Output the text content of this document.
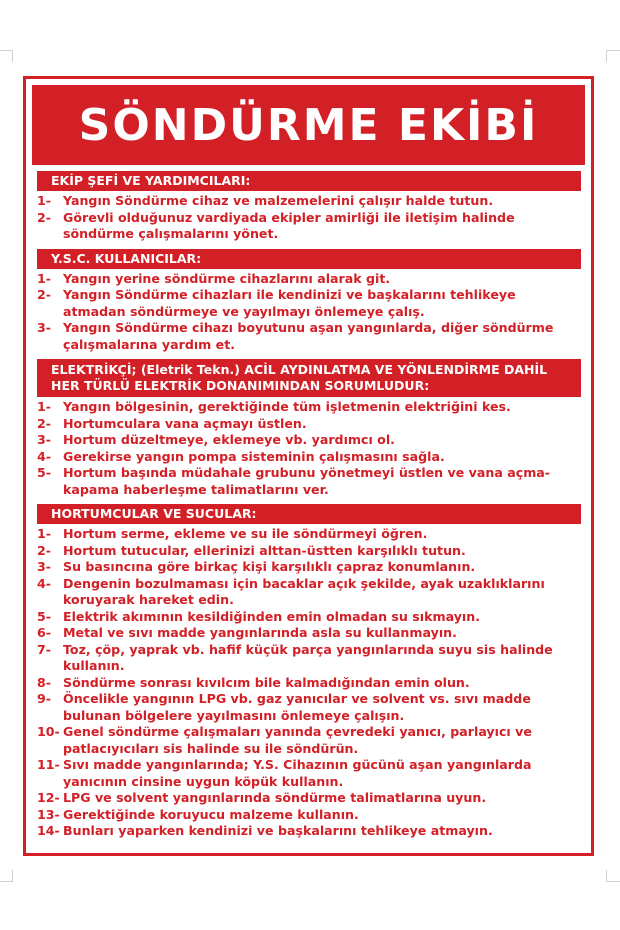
SÖNDÜRME EKİBİ
EKİP ŞEFİ VE YARDIMCILARI:
1- Yangın Söndürme cihaz ve malzemelerini çalışır halde tutun.
2- Görevli olduğunuz vardiyada ekipler amirliği ile iletişim halinde söndürme çalışmalarını yönet.
Y.S.C. KULLANICILAR:
1- Yangın yerine söndürme cihazlarını alarak git.
2- Yangın Söndürme cihazları ile kendinizi ve başkalarını tehlikeye atmadan söndürmeye ve yayılmayı önlemeye çalış.
3- Yangın Söndürme cihazı boyutunu aşan yangınlarda, diğer söndürme çalışmalarına yardım et.
ELEKTRİKÇİ; (Eletrik Tekn.) ACİL AYDINLATMA VE YÖNLENDİRME DAHİL HER TÜRLÜ ELEKTRİK DONANIMINDAN SORUMLUDUR:
1- Yangın bölgesinin, gerektiğinde tüm işletmenin elektriğini kes.
2- Hortumculara vana açmayı üstlen.
3- Hortum düzeltmeye, eklemeye vb. yardımcı ol.
4- Gerekirse yangın pompa sisteminin çalışmasını sağla.
5- Hortum başında müdahale grubunu yönetmeyi üstlen ve vana açma-kapama haberleşme talimatlarını ver.
HORTUMCULAR VE SUCULAR:
1- Hortum serme, ekleme ve su ile söndürmeyi öğren.
2- Hortum tutucular, ellerinizi alttan-üstten karşılıklı tutun.
3- Su basıncına göre birkaç kişi karşılıklı çapraz konumlanın.
4- Dengenin bozulmaması için bacaklar açık şekilde, ayak uzaklıklarını koruyarak hareket edin.
5- Elektrik akımının kesildiğinden emin olmadan su sıkmayın.
6- Metal ve sıvı madde yangınlarında asla su kullanmayın.
7- Toz, çöp, yaprak vb. hafif küçük parça yangınlarında suyu sis halinde kullanın.
8- Söndürme sonrası kıvılcım bile kalmadığından emin olun.
9- Öncelikle yangının LPG vb. gaz yanıcılar ve solvent vs. sıvı madde bulunan bölgelere yayılmasını önlemeye çalışın.
10- Genel söndürme çalışmaları yanında çevredeki yanıcı, parlayıcı ve patlacıyıcıları sis halinde su ile söndürün.
11- Sıvı madde yangınlarında; Y.S. Cihazının gücünü aşan yangınlarda yanıcının cinsine uygun köpük kullanın.
12- LPG ve solvent yangınlarında söndürme talimatlarına uyun.
13- Gerektiğinde koruyucu malzeme kullanın.
14- Bunları yaparken kendinizi ve başkalarını tehlikeye atmayın.
